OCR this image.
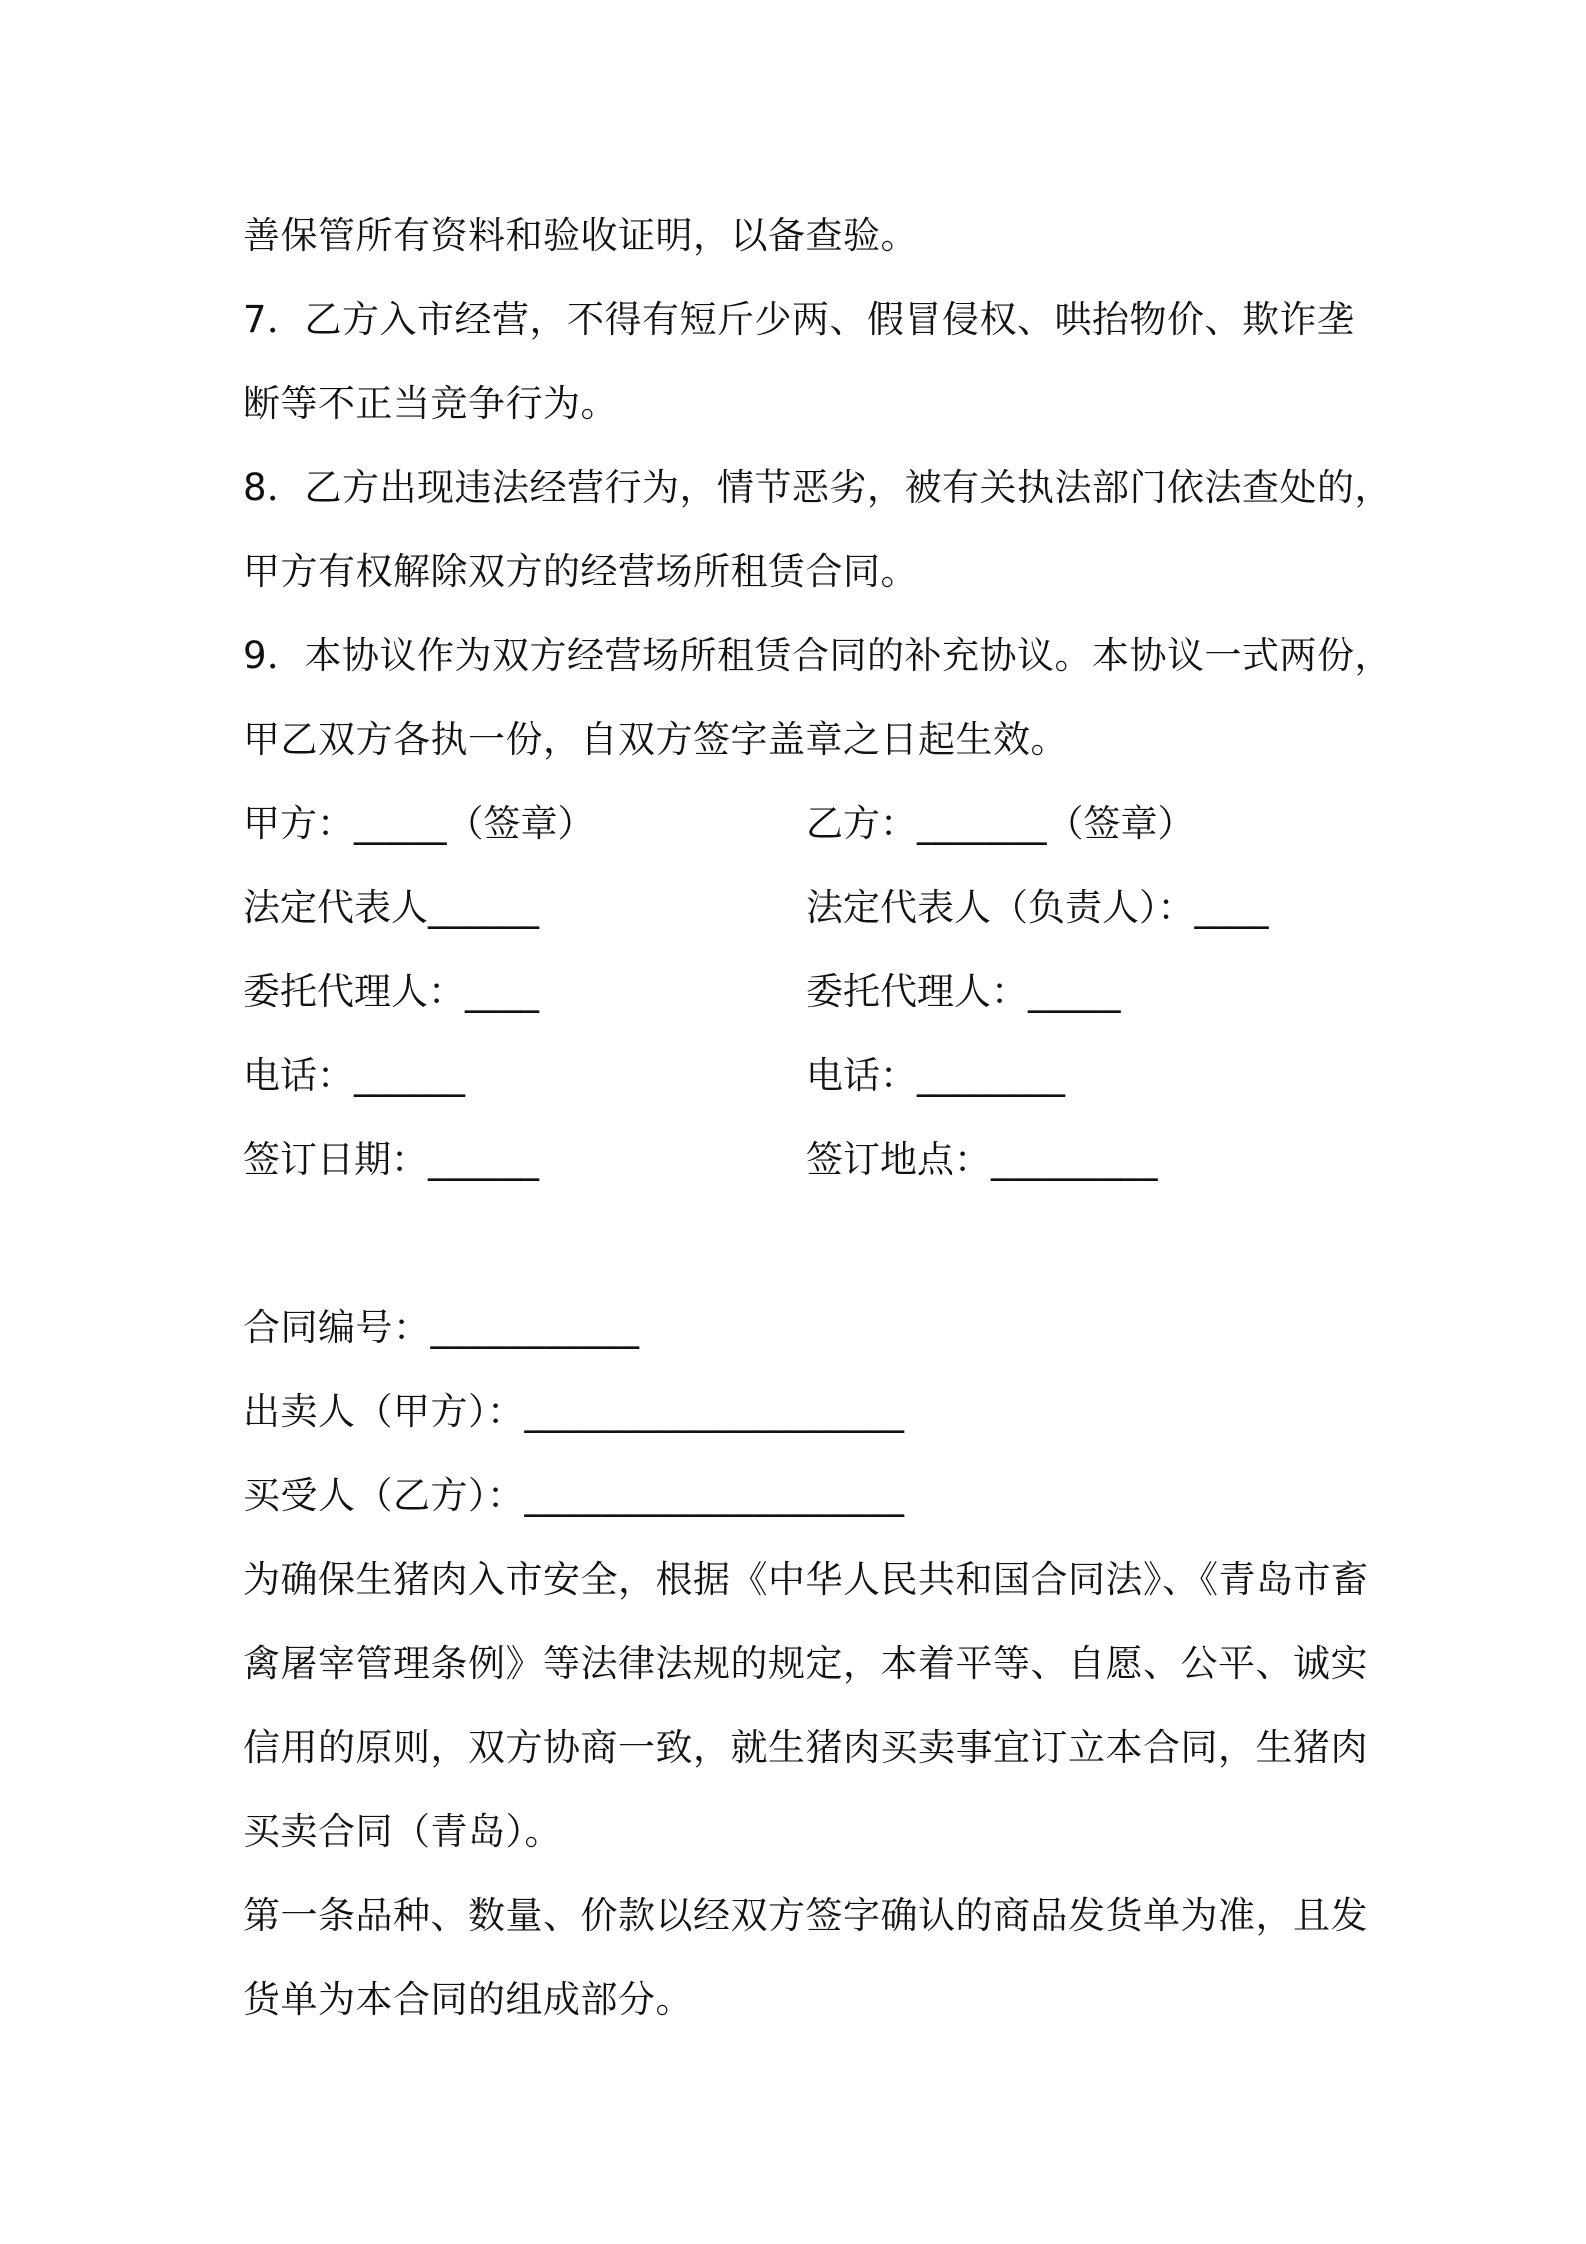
善保管所有资料和验收证明，以备查验。
7．乙方入市经营，不得有短斤少两、假冒侵权、哄抬物价、欺诈垄
断等不正当竞争行为。
8．乙方出现违法经营行为，情节恶劣，被有关执法部门依法查处的，
甲方有权解除双方的经营场所租赁合同。
9．本协议作为双方经营场所租赁合同的补充协议。本协议一式两份，
甲乙双方各执一份，自双方签字盖章之日起生效。
甲方：_____（签章）	乙方：_______（签章）
法定代表人______	法定代表人（负责人）：____
委托代理人：____	委托代理人：_____
电话：______	电话：________
签订日期：______	签订地点：_________
合同编号：___________
出卖人（甲方）：____________________
买受人（乙方）：____________________
为确保生猪肉入市安全，根据《中华人民共和国合同法》、《青岛市畜
禽屠宰管理条例》等法律法规的规定，本着平等、自愿、公平、诚实
信用的原则，双方协商一致，就生猪肉买卖事宜订立本合同，生猪肉
买卖合同（青岛）。
第一条品种、数量、价款以经双方签字确认的商品发货单为准，且发
货单为本合同的组成部分。
